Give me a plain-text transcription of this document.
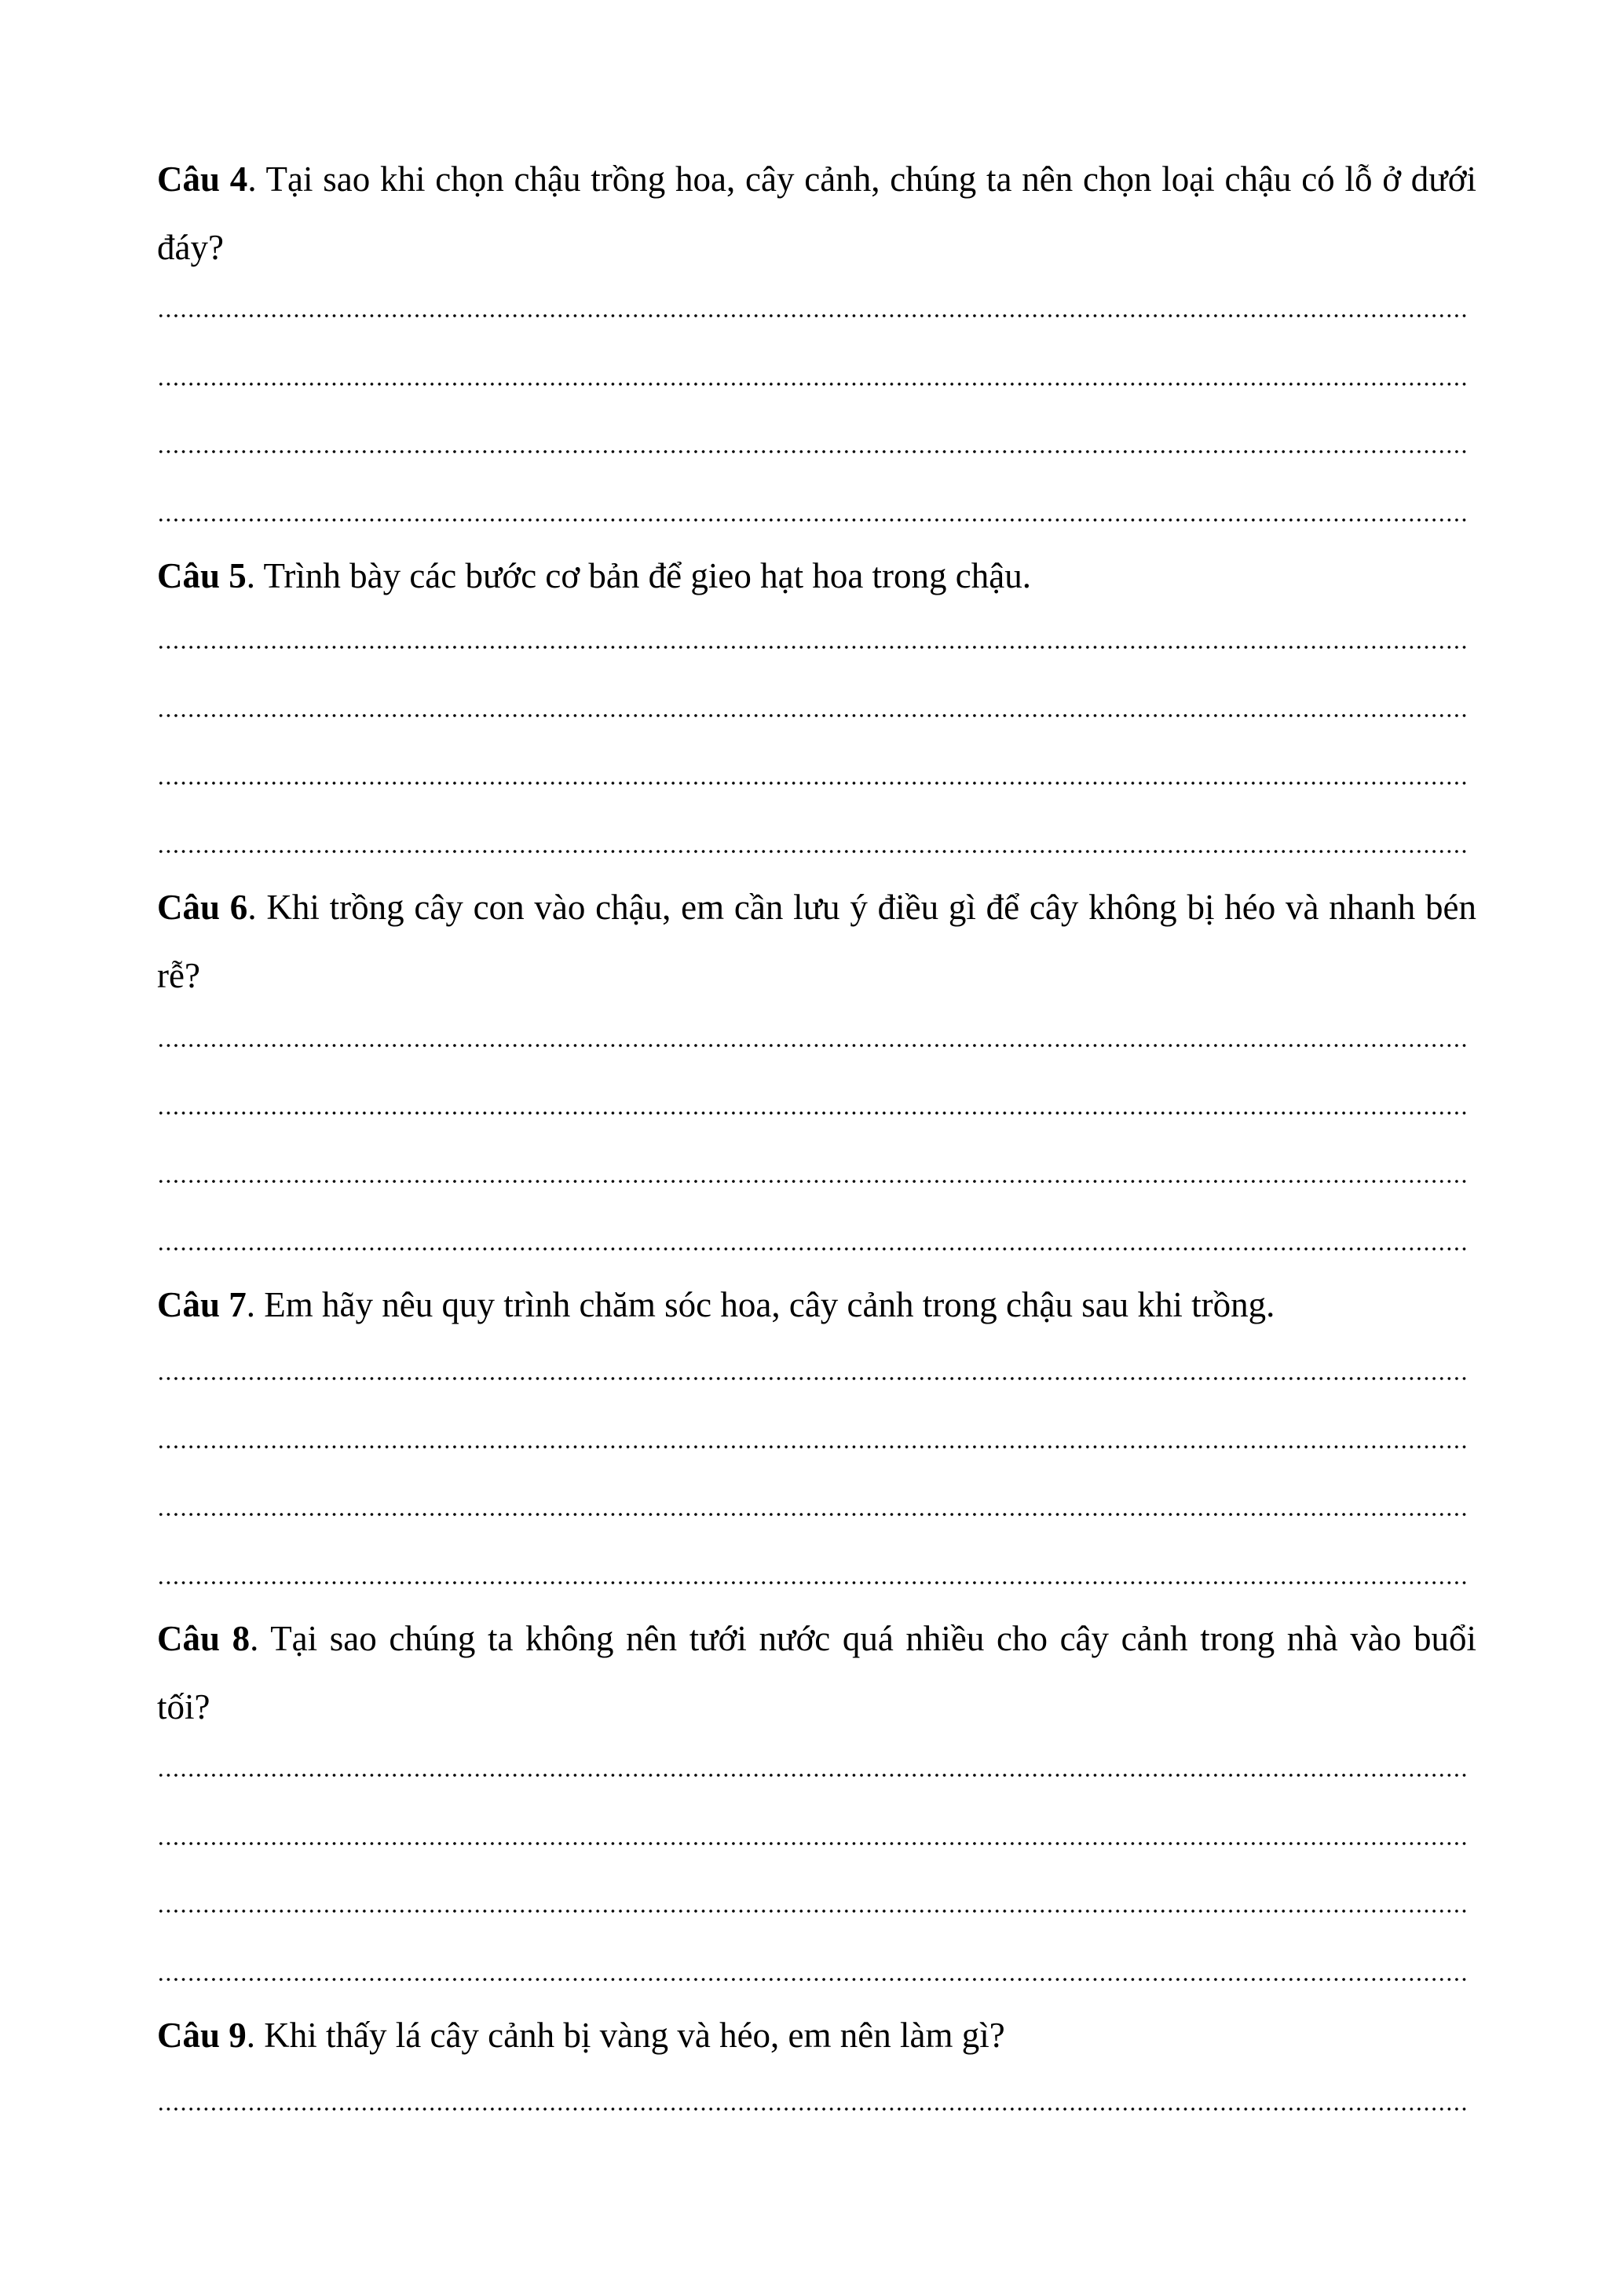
Câu 4. Tại sao khi chọn chậu trồng hoa, cây cảnh, chúng ta nên chọn loại chậu có lỗ ở dưới đáy?
Câu 5. Trình bày các bước cơ bản để gieo hạt hoa trong chậu.
Câu 6. Khi trồng cây con vào chậu, em cần lưu ý điều gì để cây không bị héo và nhanh bén rễ?
Câu 7. Em hãy nêu quy trình chăm sóc hoa, cây cảnh trong chậu sau khi trồng.
Câu 8. Tại sao chúng ta không nên tưới nước quá nhiều cho cây cảnh trong nhà vào buổi tối?
Câu 9. Khi thấy lá cây cảnh bị vàng và héo, em nên làm gì?
